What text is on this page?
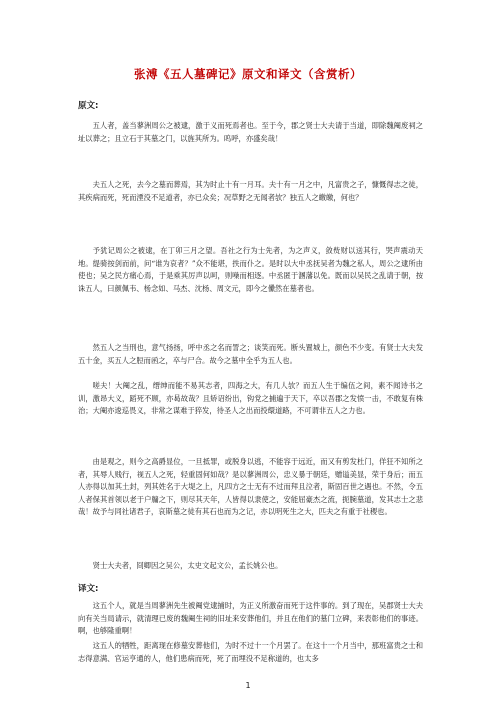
张溥《五人墓碑记》原文和译文（含赏析）
原文:
五人者，盖当蓼洲周公之被逮，激于义而死焉者也。至于今，郡之贤士大夫请于当道，即除魏阉废祠之址以葬之；且立石于其墓之门，以旌其所为。呜呼，亦盛矣哉！
夫五人之死，去今之墓而葬焉，其为时止十有一月耳。夫十有一月之中，凡富贵之子，慷慨得志之徒，其疾病而死，死而湮没不足道者，亦已众矣；况草野之无闻者欤？独五人之皦皦，何也？
予犹记周公之被逮，在丁卯三月之望。吾社之行为士先者，为之声义，敛赀财以送其行，哭声震动天地。缇骑按剑而前，问“谁为哀者？”众不能堪，抶而仆之。是时以大中丞抚吴者为魏之私人，周公之逮所由使也；吴之民方痛心焉，于是乘其厉声以呵，则噪而相逐。中丞匿于溷藩以免。既而以吴民之乱请于朝，按诛五人，曰颜佩韦、杨念如、马杰、沈杨、周文元，即今之儽然在墓者也。
然五人之当刑也，意气扬扬，呼中丞之名而詈之；谈笑而死。断头置城上，颜色不少变。有贤士大夫发五十金，买五人之脰而函之，卒与尸合。故今之墓中全乎为五人也。
嗟夫！大阉之乱，缙绅而能不易其志者，四海之大，有几人欤？而五人生于编伍之间，素不闻诗书之训，激昂大义，蹈死不顾，亦曷故哉？且矫诏纷出，钩党之捕遍于天下，卒以吾郡之发愤一击，不敢复有株治；大阉亦逡巡畏义，非常之谋难于猝发，待圣人之出而投缳道路，不可谓非五人之力也。
由是观之，则今之高爵显位，一旦抵罪，或脱身以逃，不能容于远近，而又有剪发杜门，佯狂不知所之者，其辱人贱行，视五人之死，轻重固何如哉？是以蓼洲周公，忠义暴于朝廷，赠谥美显，荣于身后；而五人亦得以加其土封，列其姓名于大堤之上，凡四方之士无有不过而拜且泣者，斯固百世之遇也。不然，令五人者保其首领以老于户牖之下，则尽其天年，人皆得以隶使之，安能屈豪杰之流，扼腕墓道，发其志士之悲哉！故予与同社诸君子，哀斯墓之徒有其石也而为之记，亦以明死生之大，匹夫之有重于社稷也。
贤士大夫者，冏卿因之吴公，太史文起文公，孟长姚公也。
译文:
这五个人，就是当周蓼洲先生被阉党逮捕时，为正义所激奋而死于这件事的。到了现在，吴郡贤士大夫向有关当局请示，就清理已废的魏阉生祠的旧址来安葬他们，并且在他们的墓门立碑，来表彰他们的事迹。啊，也够隆重啊！
这五人的牺牲，距离现在修墓安葬他们，为时不过十一个月罢了。在这十一个月当中，那班富贵之士和志得意满、官运亨通的人，他们患病而死，死了而埋没不足称道的，也太多
1
